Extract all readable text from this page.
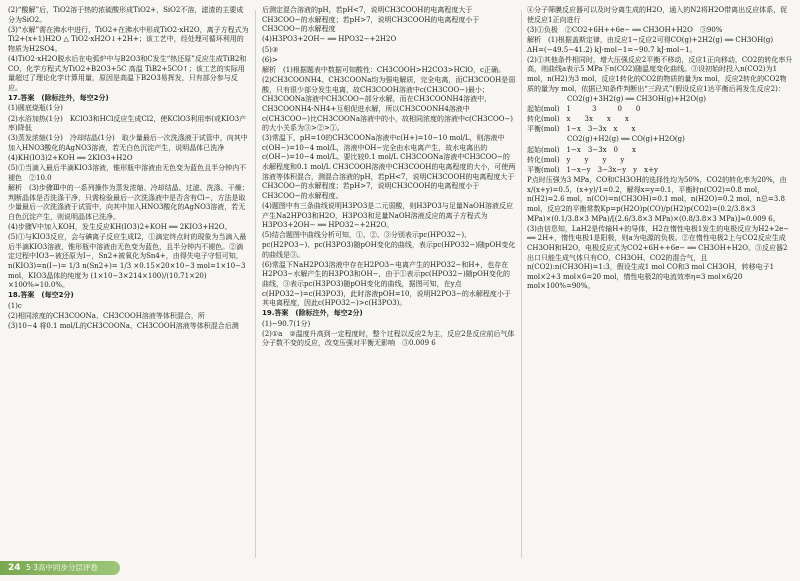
(2)“酸解”后，TiO2溶于热的浓硫酸形成TiO2+，SiO2不溶，滤渣的主要成分为SiO2。

(3)“水解”需在沸水中进行，TiO2+在沸水中形成TiO2·xH2O，离子方程式为Ti2+(x+1)H2O △ TiO2·xH2O↓+2H+；该工艺中，经处理可循环利用的物质为H2SO4。

(4)TiO2·xH2O脱水后在电弧炉中与B2O3和C发生“热还原”反应生成TiB2和CO，化学方程式为TiO2+B2O3+5C 高温 TiB2+5CO↑；该工艺的实际用量超过了理论化学计算用量，原因是高温下B2O3易挥发，只有部分参与反应。

17.答案　(除标注外，每空2分)

(1)圆底烧瓶(1分)

(2)水浴加热(1分)　KClO3和HCl反应生成Cl2，使KClO3利用率(或KIO3产率)降低

(3)蒸发浓缩(1分)　冷却结晶(1分)　取少量最后一次洗涤液于试管中，向其中加入HNO3酸化的AgNO3溶液，若无白色沉淀产生，说明晶体已洗净

(4)KH(IO3)2+KOH ══ 2KIO3+H2O

(5)①当滴入最后半滴KIO3溶液，锥形瓶中溶液由无色变为蓝色且半分钟内不褪色　②10.0

解析　(3)步骤Ⅲ中的一系列操作为蒸发浓缩、冷却结晶、过滤、洗涤、干燥；判断晶体是否洗涤干净，只需检验最后一次洗涤液中是否含有Cl−，方法是取少量最后一次洗涤液于试管中，向其中加入HNO3酸化的AgNO3溶液，若无白色沉淀产生，则说明晶体已洗净。

(4)步骤Ⅴ中加入KOH，发生反应KH(IO3)2+KOH ══ 2KIO3+H2O。

(5)①与KIO3反应，会与碘离子反应生成I2，①滴定终点时的现象为当滴入最后半滴KIO3溶液，锥形瓶中溶液由无色变为蓝色，且半分钟内不褪色。②滴定过程中IO3−被还原为I−，Sn2+被氧化为Sn4+，由得失电子守恒可知，n(KIO3)=n(I−)= 1/3 n(Sn2+)= 1/3 ×0.15×20×10−3 mol=1×10−3 mol，KIO3晶体的纯度为 (1×10−3×214×100)/(10.71×20) ×100%≈10.0%。

18.答案　(每空2分)

(1)c

(2)相同浓度的CH3COONa、CH3COOH溶液等体积混合，所

(3)10−4 将0.1 mol/L的CH3COONa、CH3COOH溶液等体积混合后测

后测定混合溶液的pH，若pH<7，说明CH3COOH的电离程度大于CH3COO−的水解程度；若pH>7，说明CH3COOH的电离程度小于CH3COO−的水解程度

(4)H3PO3+2OH− ══ HPO32−+2H2O

(5)③

(6)>

解析　(1)根据题表中数据可知酸性：CH3COOH>H2CO3>HClO，c正确。

(2)CH3COONH4、CH3COONa均为强电解质，完全电离，而CH3COOH是弱酸，只有很少部分发生电离，故CH3COOH溶液中c(CH3COO−)最小；CH3COONa溶液中CH3COO−部分水解，而在CH3COONH4溶液中，CH3COONH4-NH4+互相促进水解，所以CH3COONH4溶液中c(CH3COO−)比CH3COONa溶液中的小，故相同浓度的溶液中c(CH3COO−)的大小关系为③>②>①。

(3)常温下，pH=10的CH3COONa溶液中c(H+)=10−10 mol/L，则溶液中c(OH−)=10−4 mol/L，溶液中OH−完全由水电离产生，故水电离出的c(OH−)=10−4 mol/L。要比较0.1 mol/L CH3COONa溶液中CH3COO−的水解程度和0.1 mol/L CH3COOH溶液中CH3COOH的电离程度的大小，可使两溶液等体积混合，测混合溶液的pH，若pH<7，说明CH3COOH的电离程度大于CH3COO−的水解程度；若pH>7，说明CH3COOH的电离程度小于CH3COO−的水解程度。

(4)题图中有三条曲线说明H3PO3是二元弱酸，则H3PO3与足量NaOH溶液反应产生Na2HPO3和H2O，H3PO3和足量NaOH溶液反应的离子方程式为H3PO3+2OH− ══ HPO32−+2H2O。

(5)结合题图中曲线分析可知，①、②、③分别表示pc(HPO32−)、pc(H2PO3−)、pc(H3PO3)随pOH变化的曲线，表示pc(HPO32−)随pOH变化的曲线是③。

(6)常温下NaH2PO3溶液中存在H2PO3−电离产生的HPO32−和H+，也存在H2PO3−水解产生的H3PO3和OH−，由于①表示pc(HPO32−)随pOH变化的曲线，③表示pc(H3PO3)随pOH变化的曲线，据图可知，在y点c(HPO32−)=c(H3PO3)，此时溶液pOH=10，说明H2PO3−的水解程度小于其电离程度，因此c(HPO32−)>c(H3PO3)。

19.答案　(除标注外，每空2分)

(1)−90.7(1分)

(2)①a　②温度升高到一定程度时，整个过程以反应2为主，反应2是反应前后气体分子数不变的反应，改变压强对平衡无影响　③0.009 6

④分子筛膜反应器可以及时分离生成的H2O，通入的N2将H2O带离出反应体系，促使反应1正向进行

(3)①负极　②CO2+6H++6e− ══ CH3OH+H2O　③90%

解析　(1)根据盖斯定律，由反应1−反应2可得CO(g)+2H2(g) ══ CH3OH(g)　ΔH=(−49.5−41.2) kJ·mol−1=−90.7 kJ·mol−1。

(2)①其他条件相同时，增大压强反应2平衡不移动，反应1正向移动，CO2的转化率升高，则曲线a表示5 MPa下n(CO2)随温度变化曲线。③设初始时投入n(CO2)为1 mol，n(H2)为3 mol，反应1转化的CO2的物质的量为x mol，反应2转化的CO2物质的量为y mol，依据已知条件判断出“三段式”(假设反应1达平衡后再发生反应2)：

CO2(g)+3H2(g) ══ CH3OH(g)+H2O(g)

起始(mol)　1　　　3　　　0　　0

转化(mol)　x　　3x　　x　　x

平衡(mol)　1−x　3−3x　x　　x

CO2(g)+H2(g) ══ CO(g)+H2O(g)

起始(mol)　1−x　3−3x　0　　x

转化(mol)　y　　y　　y　　y

平衡(mol)　1−x−y　3−3x−y　y　x+y

P点时压强为3 MPa，CO和CH3OH的选择性均为50%，CO2的转化率为20%，由 x/(x+y)=0.5，(x+y)/1=0.2，解得x=y=0.1，平衡时n(CO2)=0.8 mol，n(H2)=2.6 mol，n(CO)=n(CH3OH)=0.1 mol，n(H2O)=0.2 mol，n总=3.8 mol，反应2的平衡常数Kp=p(H2O)p(CO)/p(H2)p(CO2)=(0.2/3.8×3 MPa)×(0.1/3.8×3 MPa)/[(2.6/3.8×3 MPa)×(0.8/3.8×3 MPa)]≈0.009 6。

(3)由信息知，LaH2是传输H+的导体，H2在惰性电极1发生的电极反应为H2+2e− ══ 2H+，惰性电极1是阳极，则a为电源的负极。②在惰性电极2上与CO2反应生成CH3OH和H2O，电极反应式为CO2+6H++6e− ══ CH3OH+H2O。③反应器2出口只能生成气体只有CO，CH3OH、CO2的混合气，且n(CO2):n(CH3OH)=1:3，假设生成1 mol CO和3 mol CH3OH，转移电子1 mol×2+3 mol×6=20 mol，惰性电极2的电流效率η=3 mol×6/20 mol×100%=90%。

24 5·3高中同步分层评卷
